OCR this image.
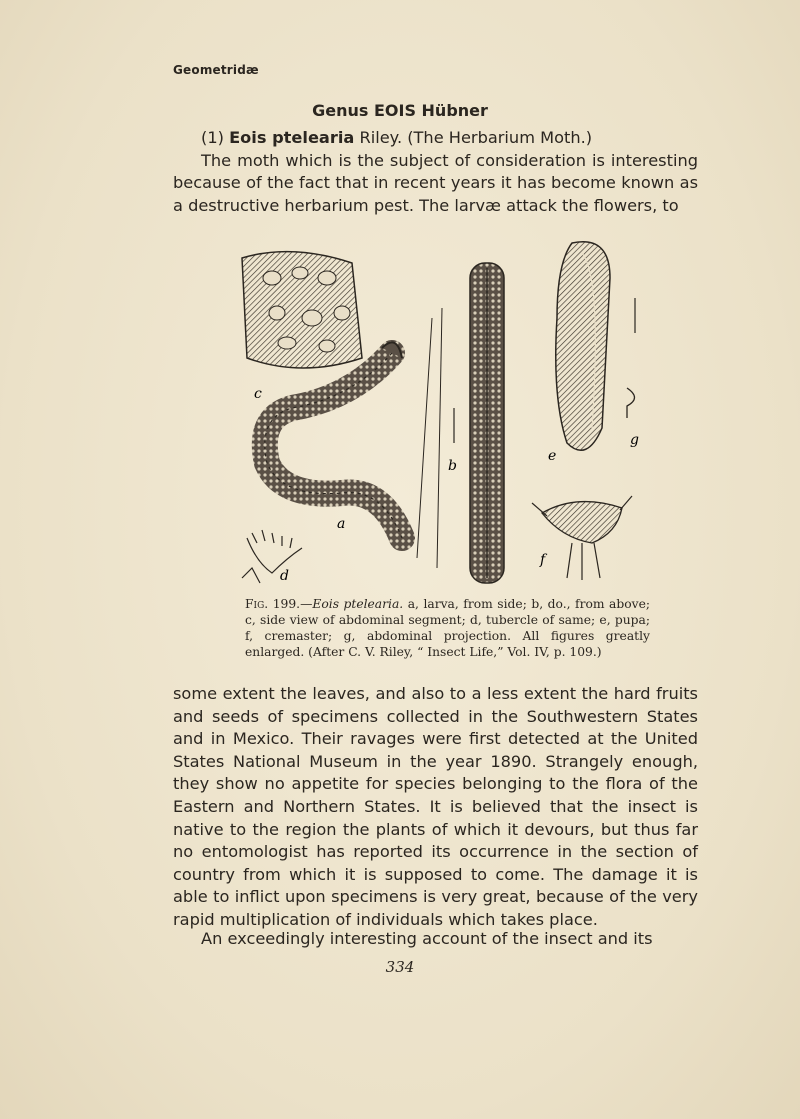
Geometridæ
Genus EOIS Hübner
(1) Eois ptelearia Riley. (The Herbarium Moth.)
The moth which is the subject of consideration is interesting because of the fact that in recent years it has become known as a destructive herbarium pest. The larvæ attack the flowers, to
c
a
d
b
e
g
f
Fig. 199.—Eois ptelearia. a, larva, from side; b, do., from above; c, side view of abdominal segment; d, tubercle of same; e, pupa; f, cremaster; g, abdominal projection. All figures greatly enlarged. (After C. V. Riley, “ Insect Life,” Vol. IV, p. 109.)
some extent the leaves, and also to a less extent the hard fruits and seeds of specimens collected in the Southwestern States and in Mexico. Their ravages were first detected at the United States National Museum in the year 1890. Strangely enough, they show no appetite for species belonging to the flora of the Eastern and Northern States. It is believed that the insect is native to the region the plants of which it devours, but thus far no entomologist has reported its occurrence in the section of country from which it is supposed to come. The damage it is able to inflict upon specimens is very great, because of the very rapid multiplication of individuals which takes place.
An exceedingly interesting account of the insect and its
334
